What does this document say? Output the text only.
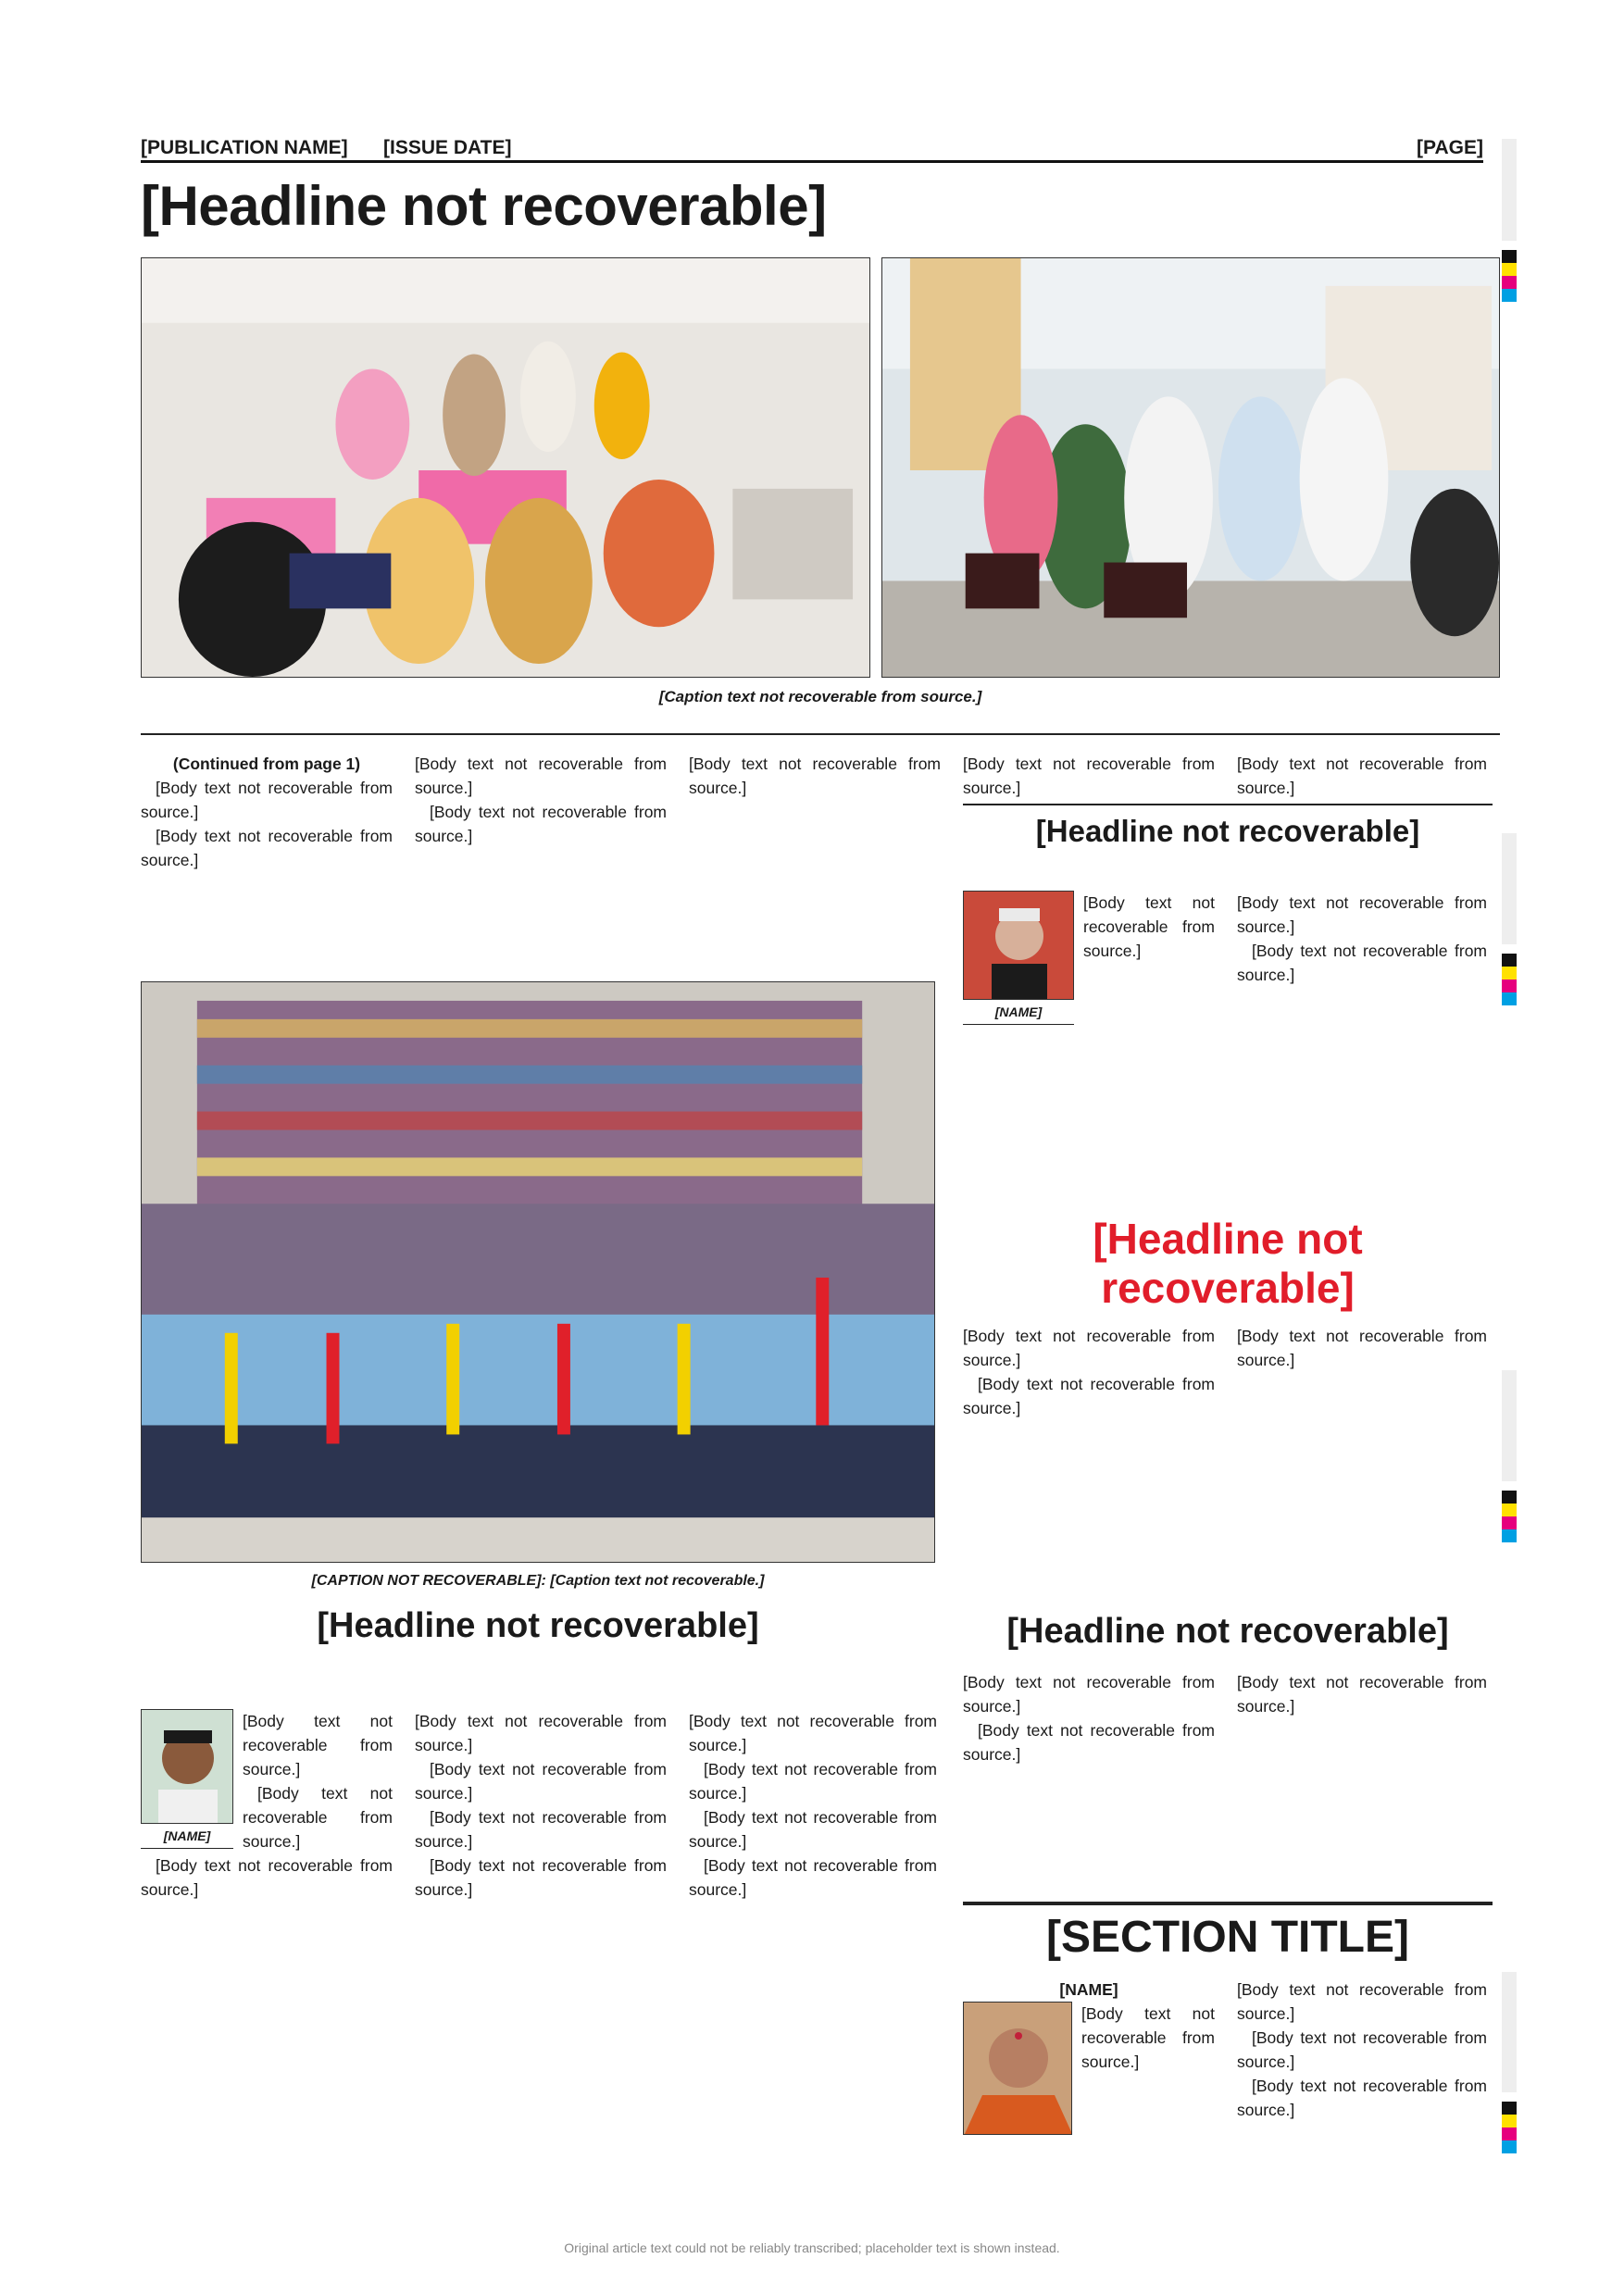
[PUBLICATION NAME] [ISSUE DATE]	[PAGE]
[Headline not recoverable]
[Caption text not recoverable from source.]

(Continued from page 1)

[Body text not recoverable from source.]

[Body text not recoverable from source.]

[Body text not recoverable from source.]

[Body text not recoverable from source.]

[Body text not recoverable from source.]

[Body text not recoverable from source.]

[Body text not recoverable from source.]

[CAPTION NOT RECOVERABLE]: [Caption text not recoverable.]
[Headline not recoverable]
[NAME]

[Body text not recoverable from source.]

[Body text not recoverable from source.]

[Body text not recoverable from source.]

[Headline not recoverable]

[Body text not recoverable from source.]

[Body text not recoverable from source.]

[Body text not recoverable from source.]

[Headline not recoverable]
[NAME]

[Body text not recoverable from source.]

[Body text not recoverable from source.]

[Body text not recoverable from source.]

[Body text not recoverable from source.]

[Body text not recoverable from source.]

[Body text not recoverable from source.]

[Body text not recoverable from source.]

[Body text not recoverable from source.]

[Body text not recoverable from source.]

[Body text not recoverable from source.]

[Body text not recoverable from source.]

[Headline not recoverable]

[Body text not recoverable from source.]

[Body text not recoverable from source.]

[Body text not recoverable from source.]

[SECTION TITLE]

[NAME]

[Body text not recoverable from source.]

[Body text not recoverable from source.]

[Body text not recoverable from source.]

[Body text not recoverable from source.]

Original article text could not be reliably transcribed; placeholder text is shown instead.
